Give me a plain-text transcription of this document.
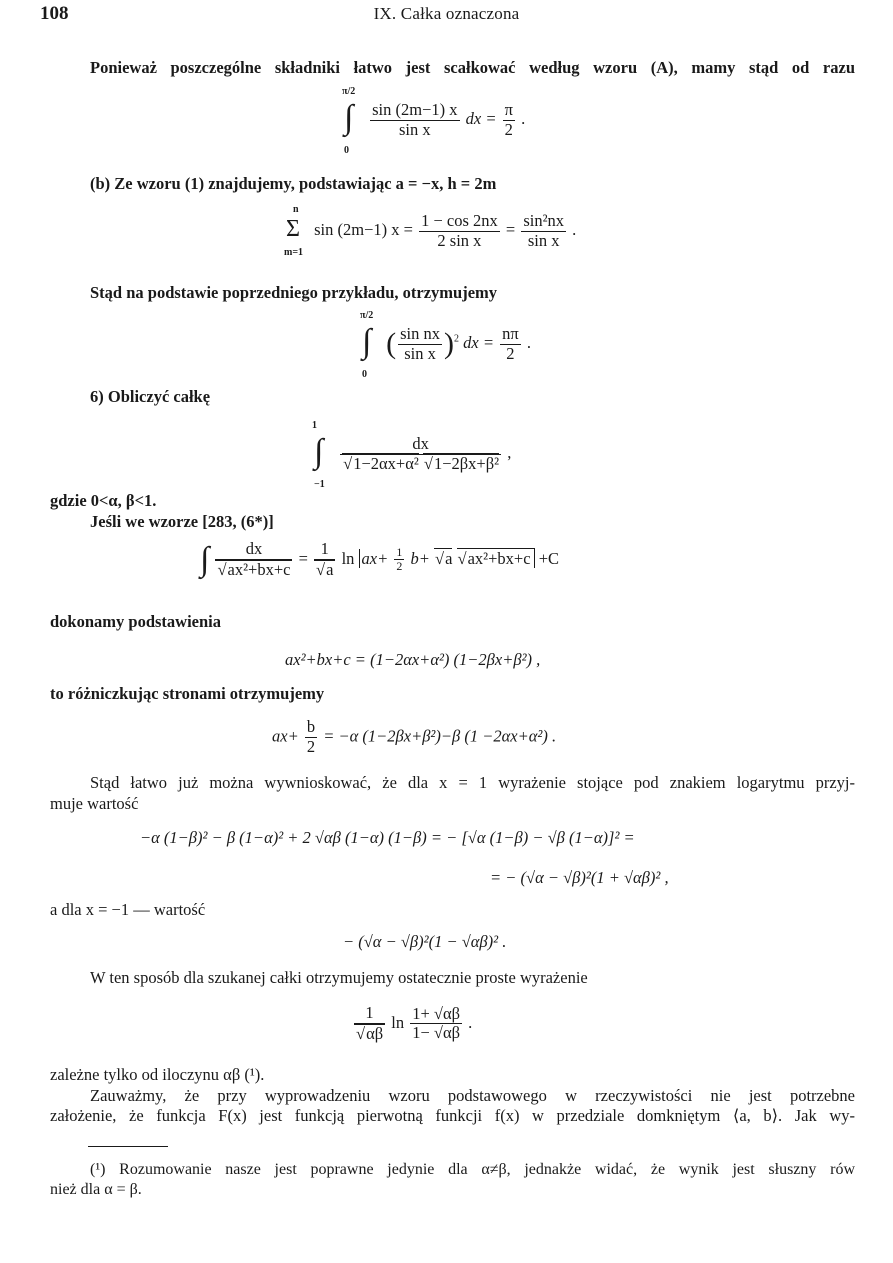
108	IX. Całka oznaczona

Ponieważ poszczególne składniki łatwo jest scałkować według wzoru (A), mamy stąd od razu

π/2
∫
0

$\frac{\sin (2m-1) x}{\text{sin x}}$ dx = $\frac{\pi}{2}$ .

(b) Ze wzoru (1) znajdujemy, podstawiając a = −x, h = 2m

n
Σ
m=1
sin (2m−1) $x = \frac{1 - \cos 2nx}{\text{2 sin x}} = \frac{\text{sin²nx}}{\text{sin x}}$ .

Stąd na podstawie poprzedniego przykładu, otrzymujemy

π/2
∫
0
( $\frac{\text{sin nx}}{\text{sin x}} )^2$ dx = $\frac{n\pi}{2}$ .

6) Obliczyć całkę

1
∫
−1

dx
√ 1−2αx+α² √ 1−2βx+β² ,

gdzie 0<α, β<1.

Jeśli we wzorze [283, (6*)]

∫ dx
√ ax²+bx+c = 1
√ a $\ln ax+ \frac{1}{2} b+$ √ a √ ax²+bx+c +C

dokonamy podstawienia

ax²+bx+c = (1−2αx+α²) (1−2βx+β²) ,

to różniczkując stronami otrzymujemy

$ax+ \frac{b}{2} = -\alpha$ (1−2βx+β²)−β (1 −2αx+α²) .

Stąd łatwo już można wywnioskować, że dla x = 1 wyrażenie stojące pod znakiem logarytmu przyj-

muje wartość

−α (1−β)² − β (1−α)² + 2 √αβ (1−α) (1−β) = − [√α (1−β) − √β (1−α)]² =
= − (√α − √β)²(1 + √αβ)² ,

a dla x = −1 — wartość

− (√α − √β)²(1 − √αβ)² .

W ten sposób dla szukanej całki otrzymujemy ostatecznie proste wyrażenie

1
√ αβ $\ln \frac{1+ √\alpha\beta}{1- √\alpha\beta}$ .

zależne tylko od iloczynu αβ (¹).

Zauważmy, że przy wyprowadzeniu wzoru podstawowego w rzeczywistości nie jest potrzebne

założenie, że funkcja F(x) jest funkcją pierwotną funkcji f(x) w przedziale domkniętym ⟨a, b⟩. Jak wy-

(¹) Rozumowanie nasze jest poprawne jedynie dla α≠β, jednakże widać, że wynik jest słuszny rów

nież dla α = β.
